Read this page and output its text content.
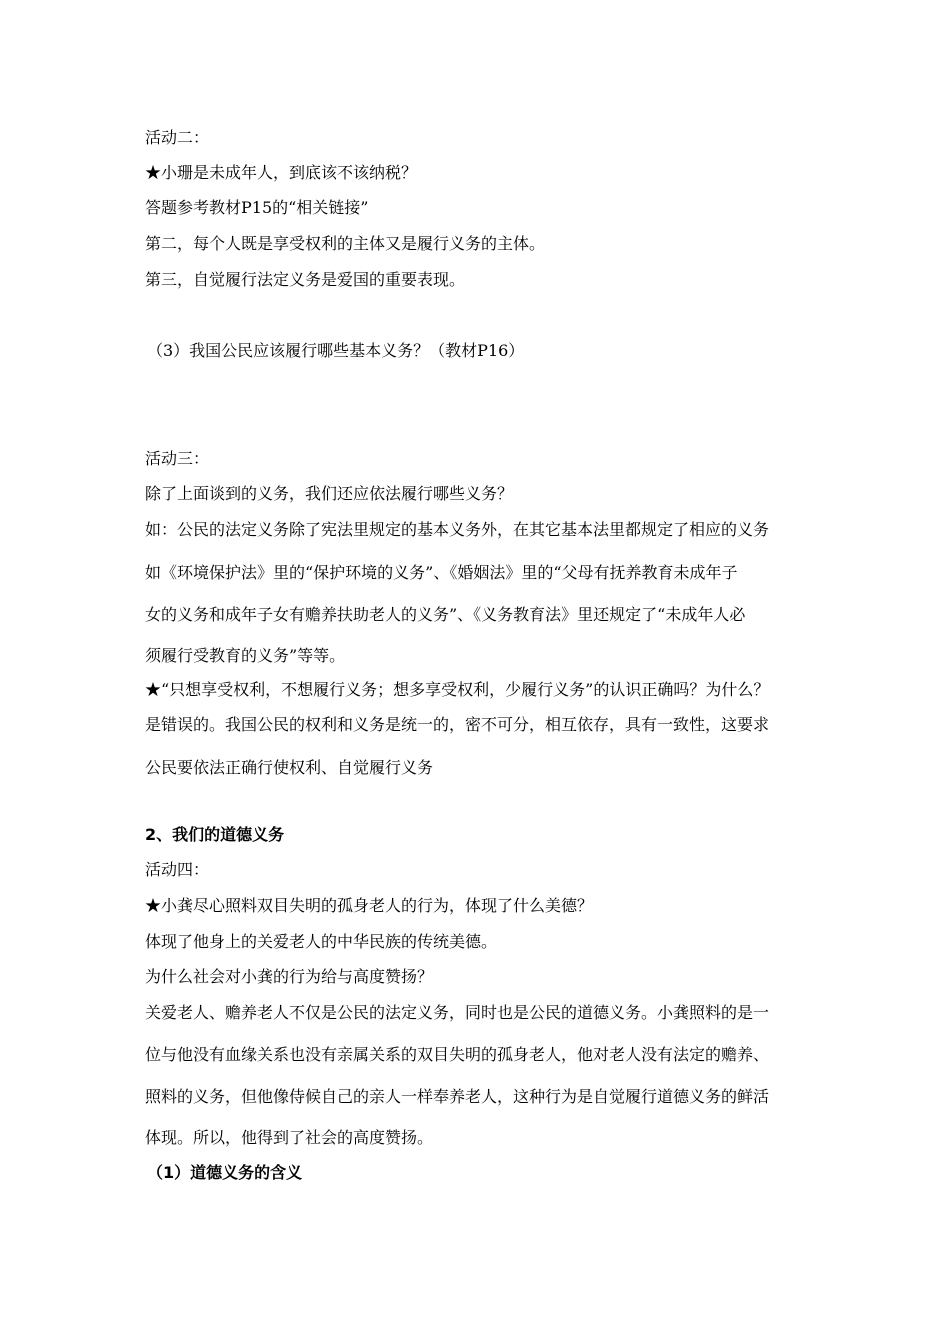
活动二：
★小珊是未成年人，到底该不该纳税？
答题参考教材P15的“相关链接”
第二，每个人既是享受权利的主体又是履行义务的主体。
第三，自觉履行法定义务是爱国的重要表现。
（3）我国公民应该履行哪些基本义务？（教材P16）
活动三：
除了上面谈到的义务，我们还应依法履行哪些义务？
如：公民的法定义务除了宪法里规定的基本义务外，在其它基本法里都规定了相应的义务
如《环境保护法》里的“保护环境的义务”、《婚姻法》里的“父母有抚养教育未成年子
女的义务和成年子女有赡养扶助老人的义务”、《义务教育法》里还规定了“未成年人必
须履行受教育的义务”等等。
★“只想享受权利，不想履行义务；想多享受权利，少履行义务”的认识正确吗？为什么？
是错误的。我国公民的权利和义务是统一的，密不可分，相互依存，具有一致性，这要求
公民要依法正确行使权利、自觉履行义务
2、我们的道德义务
活动四：
★小龚尽心照料双目失明的孤身老人的行为，体现了什么美德？
体现了他身上的关爱老人的中华民族的传统美德。
为什么社会对小龚的行为给与高度赞扬？
关爱老人、赡养老人不仅是公民的法定义务，同时也是公民的道德义务。小龚照料的是一
位与他没有血缘关系也没有亲属关系的双目失明的孤身老人，他对老人没有法定的赡养、
照料的义务，但他像侍候自己的亲人一样奉养老人，这种行为是自觉履行道德义务的鲜活
体现。所以，他得到了社会的高度赞扬。
（1）道德义务的含义
